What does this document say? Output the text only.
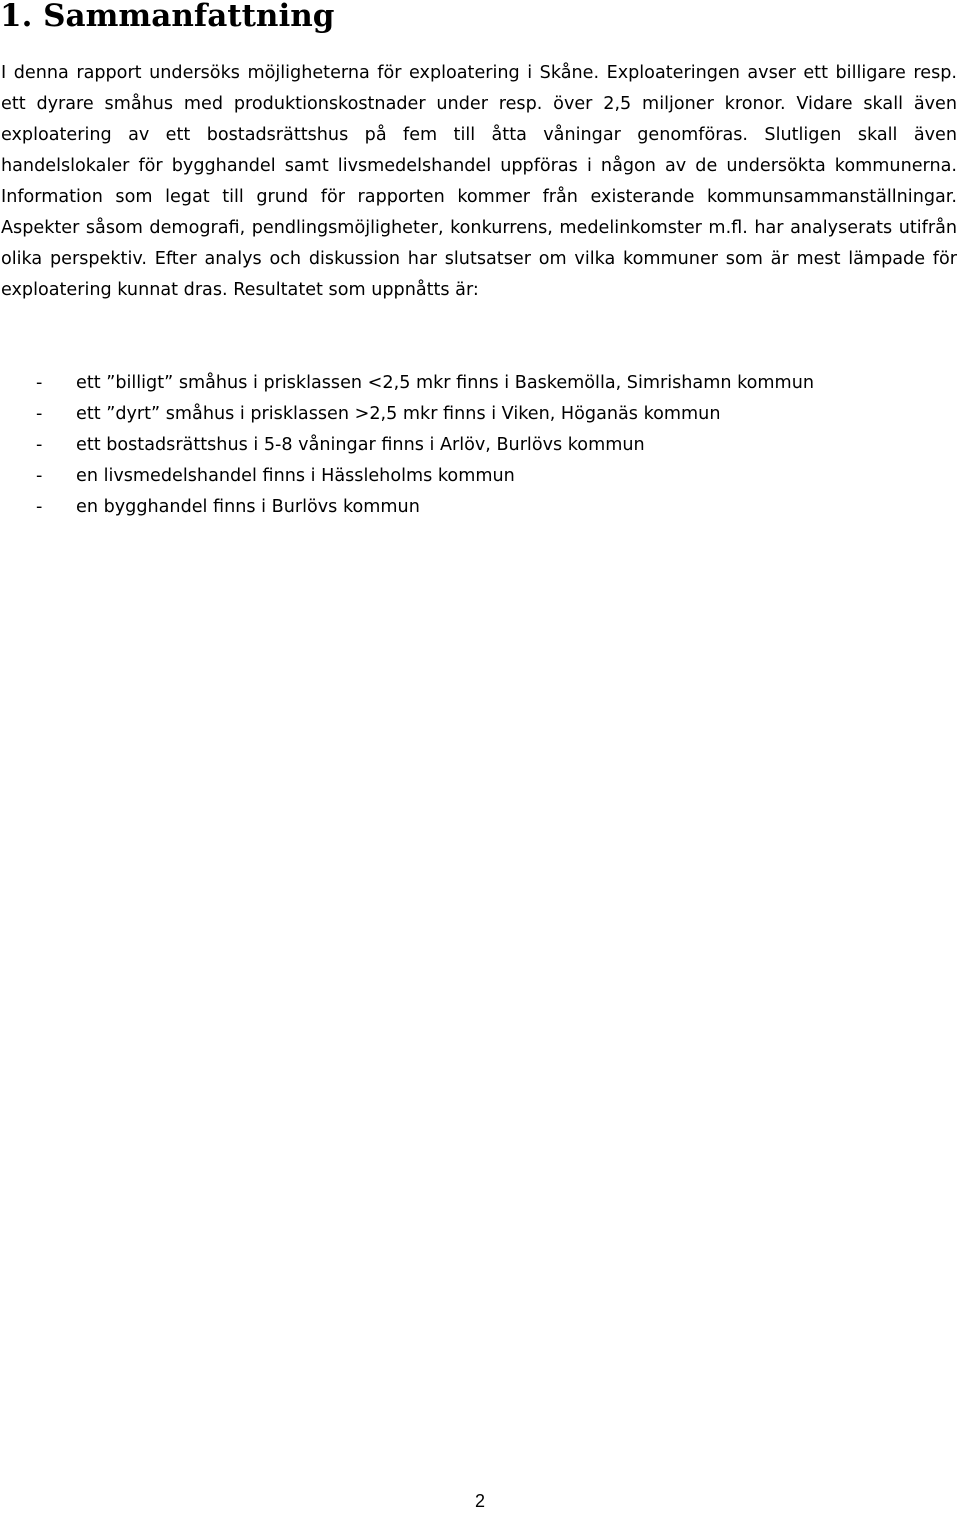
1. Sammanfattning

I denna rapport undersöks möjligheterna för exploatering i Skåne. Exploateringen avser ett billigare resp. ett dyrare småhus med produktionskostnader under resp. över 2,5 miljoner kronor. Vidare skall även exploatering av ett bostadsrättshus på fem till åtta våningar genomföras. Slutligen skall även handelslokaler för bygghandel samt livsmedelshandel uppföras i någon av de undersökta kommunerna. Information som legat till grund för rapporten kommer från existerande kommunsammanställningar. Aspekter såsom demografi, pendlingsmöjligheter, konkurrens, medelinkomster m.fl. har analyserats utifrån olika perspektiv. Efter analys och diskussion har slutsatser om vilka kommuner som är mest lämpade för exploatering kunnat dras. Resultatet som uppnåtts är:

- ett ”billigt” småhus i prisklassen <2,5 mkr finns i Baskemölla, Simrishamn kommun
- ett ”dyrt” småhus i prisklassen >2,5 mkr finns i Viken, Höganäs kommun
- ett bostadsrättshus i 5-8 våningar finns i Arlöv, Burlövs kommun
- en livsmedelshandel finns i Hässleholms kommun
- en bygghandel finns i Burlövs kommun
2
